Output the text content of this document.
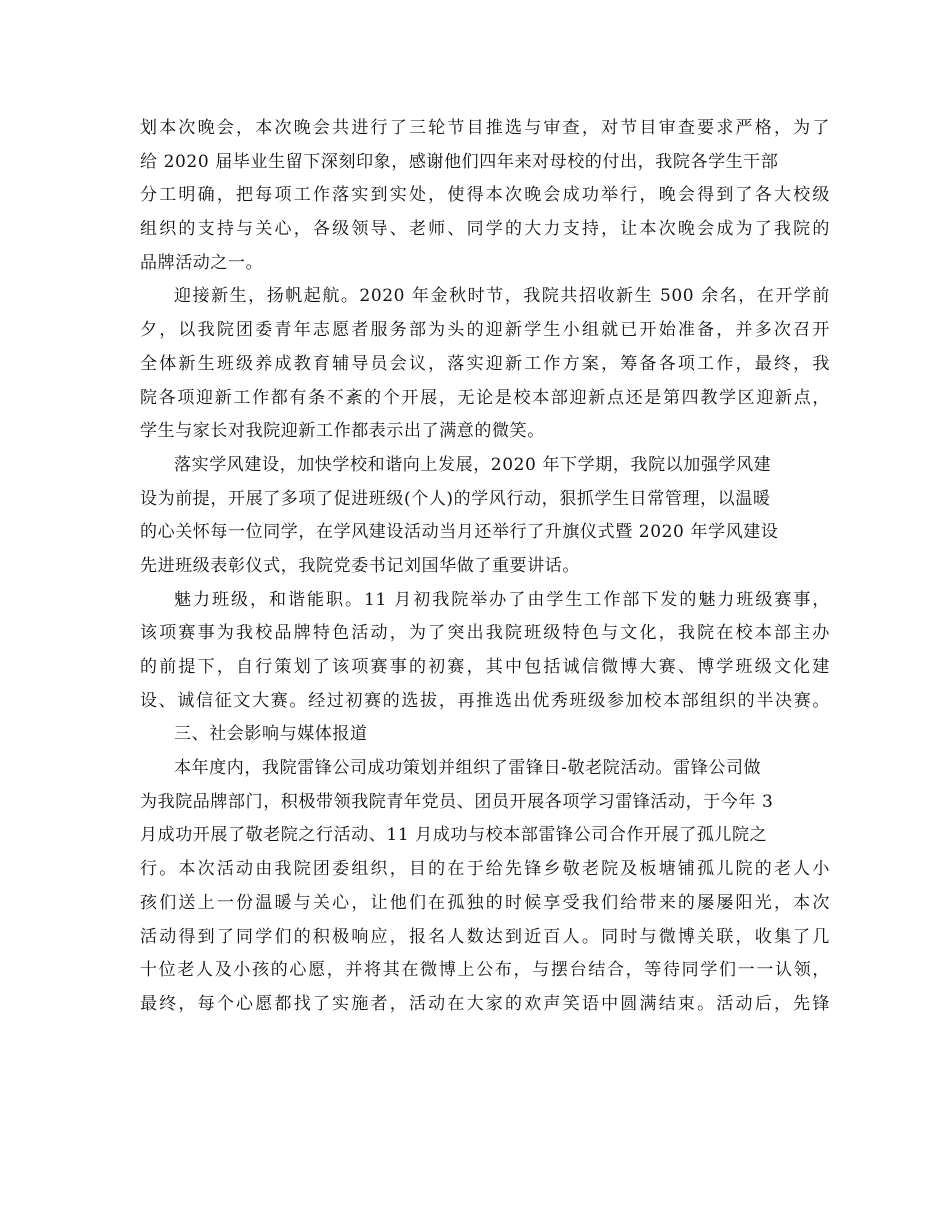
划本次晚会，本次晚会共进行了三轮节目推选与审查，对节目审查要求严格，为了

给 2020 届毕业生留下深刻印象，感谢他们四年来对母校的付出，我院各学生干部

分工明确，把每项工作落实到实处，使得本次晚会成功举行，晚会得到了各大校级

组织的支持与关心，各级领导、老师、同学的大力支持，让本次晚会成为了我院的

品牌活动之一。

迎接新生，扬帆起航。2020 年金秋时节，我院共招收新生 500 余名，在开学前

夕，以我院团委青年志愿者服务部为头的迎新学生小组就已开始准备，并多次召开

全体新生班级养成教育辅导员会议，落实迎新工作方案，筹备各项工作，最终，我

院各项迎新工作都有条不紊的个开展，无论是校本部迎新点还是第四教学区迎新点，

学生与家长对我院迎新工作都表示出了满意的微笑。

落实学风建设，加快学校和谐向上发展，2020 年下学期，我院以加强学风建

设为前提，开展了多项了促进班级(个人)的学风行动，狠抓学生日常管理，以温暖

的心关怀每一位同学，在学风建设活动当月还举行了升旗仪式暨 2020 年学风建设

先进班级表彰仪式，我院党委书记刘国华做了重要讲话。

魅力班级，和谐能职。11 月初我院举办了由学生工作部下发的魅力班级赛事，

该项赛事为我校品牌特色活动，为了突出我院班级特色与文化，我院在校本部主办

的前提下，自行策划了该项赛事的初赛，其中包括诚信微博大赛、博学班级文化建

设、诚信征文大赛。经过初赛的选拔，再推选出优秀班级参加校本部组织的半决赛。

三、社会影响与媒体报道

本年度内，我院雷锋公司成功策划并组织了雷锋日-敬老院活动。雷锋公司做

为我院品牌部门，积极带领我院青年党员、团员开展各项学习雷锋活动，于今年 3

月成功开展了敬老院之行活动、11 月成功与校本部雷锋公司合作开展了孤儿院之

行。本次活动由我院团委组织，目的在于给先锋乡敬老院及板塘铺孤儿院的老人小

孩们送上一份温暖与关心，让他们在孤独的时候享受我们给带来的屡屡阳光，本次

活动得到了同学们的积极响应，报名人数达到近百人。同时与微博关联，收集了几

十位老人及小孩的心愿，并将其在微博上公布，与摆台结合，等待同学们一一认领，

最终，每个心愿都找了实施者，活动在大家的欢声笑语中圆满结束。活动后，先锋
